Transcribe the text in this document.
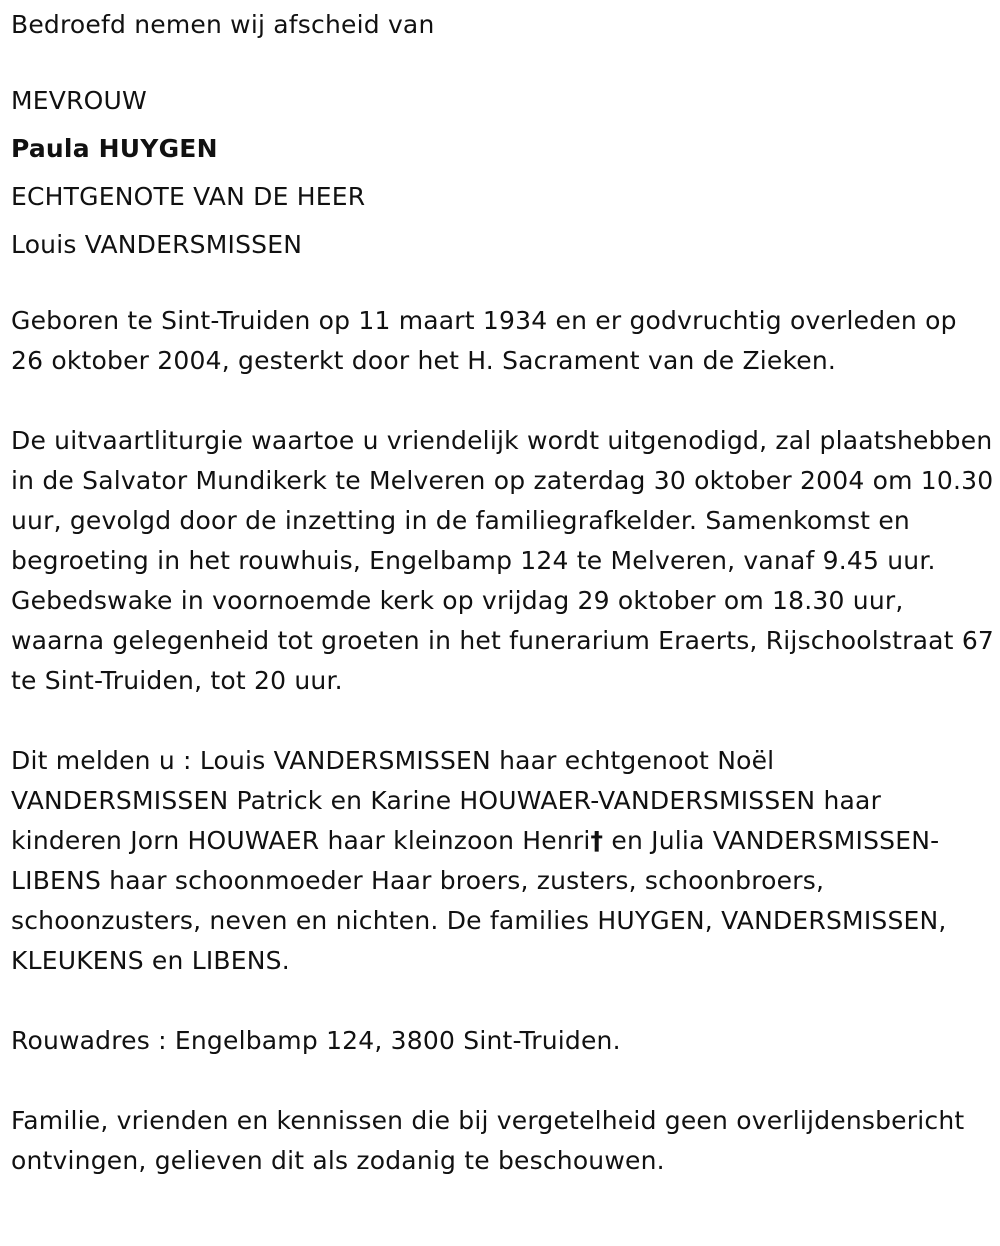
Bedroefd nemen wij afscheid van

MEVROUW

Paula HUYGEN

ECHTGENOTE VAN DE HEER

Louis VANDERSMISSEN

Geboren te Sint-Truiden op 11 maart 1934 en er godvruchtig overleden op 26 oktober 2004, gesterkt door het H. Sacrament van de Zieken.

De uitvaartliturgie waartoe u vriendelijk wordt uitgenodigd, zal plaatshebben in de Salvator Mundikerk te Melveren op zaterdag 30 oktober 2004 om 10.30 uur, gevolgd door de inzetting in de familiegrafkelder. Samenkomst en begroeting in het rouwhuis, Engelbamp 124 te Melveren, vanaf 9.45 uur. Gebedswake in voornoemde kerk op vrijdag 29 oktober om 18.30 uur, waarna gelegenheid tot groeten in het funerarium Eraerts, Rijschoolstraat 67 te Sint-Truiden, tot 20 uur.

Dit melden u : Louis VANDERSMISSEN haar echtgenoot Noël VANDERSMISSEN Patrick en Karine HOUWAER-VANDERSMISSEN haar kinderen Jorn HOUWAER haar kleinzoon Henri† en Julia VANDERSMISSEN-LIBENS haar schoonmoeder Haar broers, zusters, schoonbroers, schoonzusters, neven en nichten. De families HUYGEN, VANDERSMISSEN, KLEUKENS en LIBENS.

Rouwadres : Engelbamp 124, 3800 Sint-Truiden.

Familie, vrienden en kennissen die bij vergetelheid geen overlijdensbericht ontvingen, gelieven dit als zodanig te beschouwen.
